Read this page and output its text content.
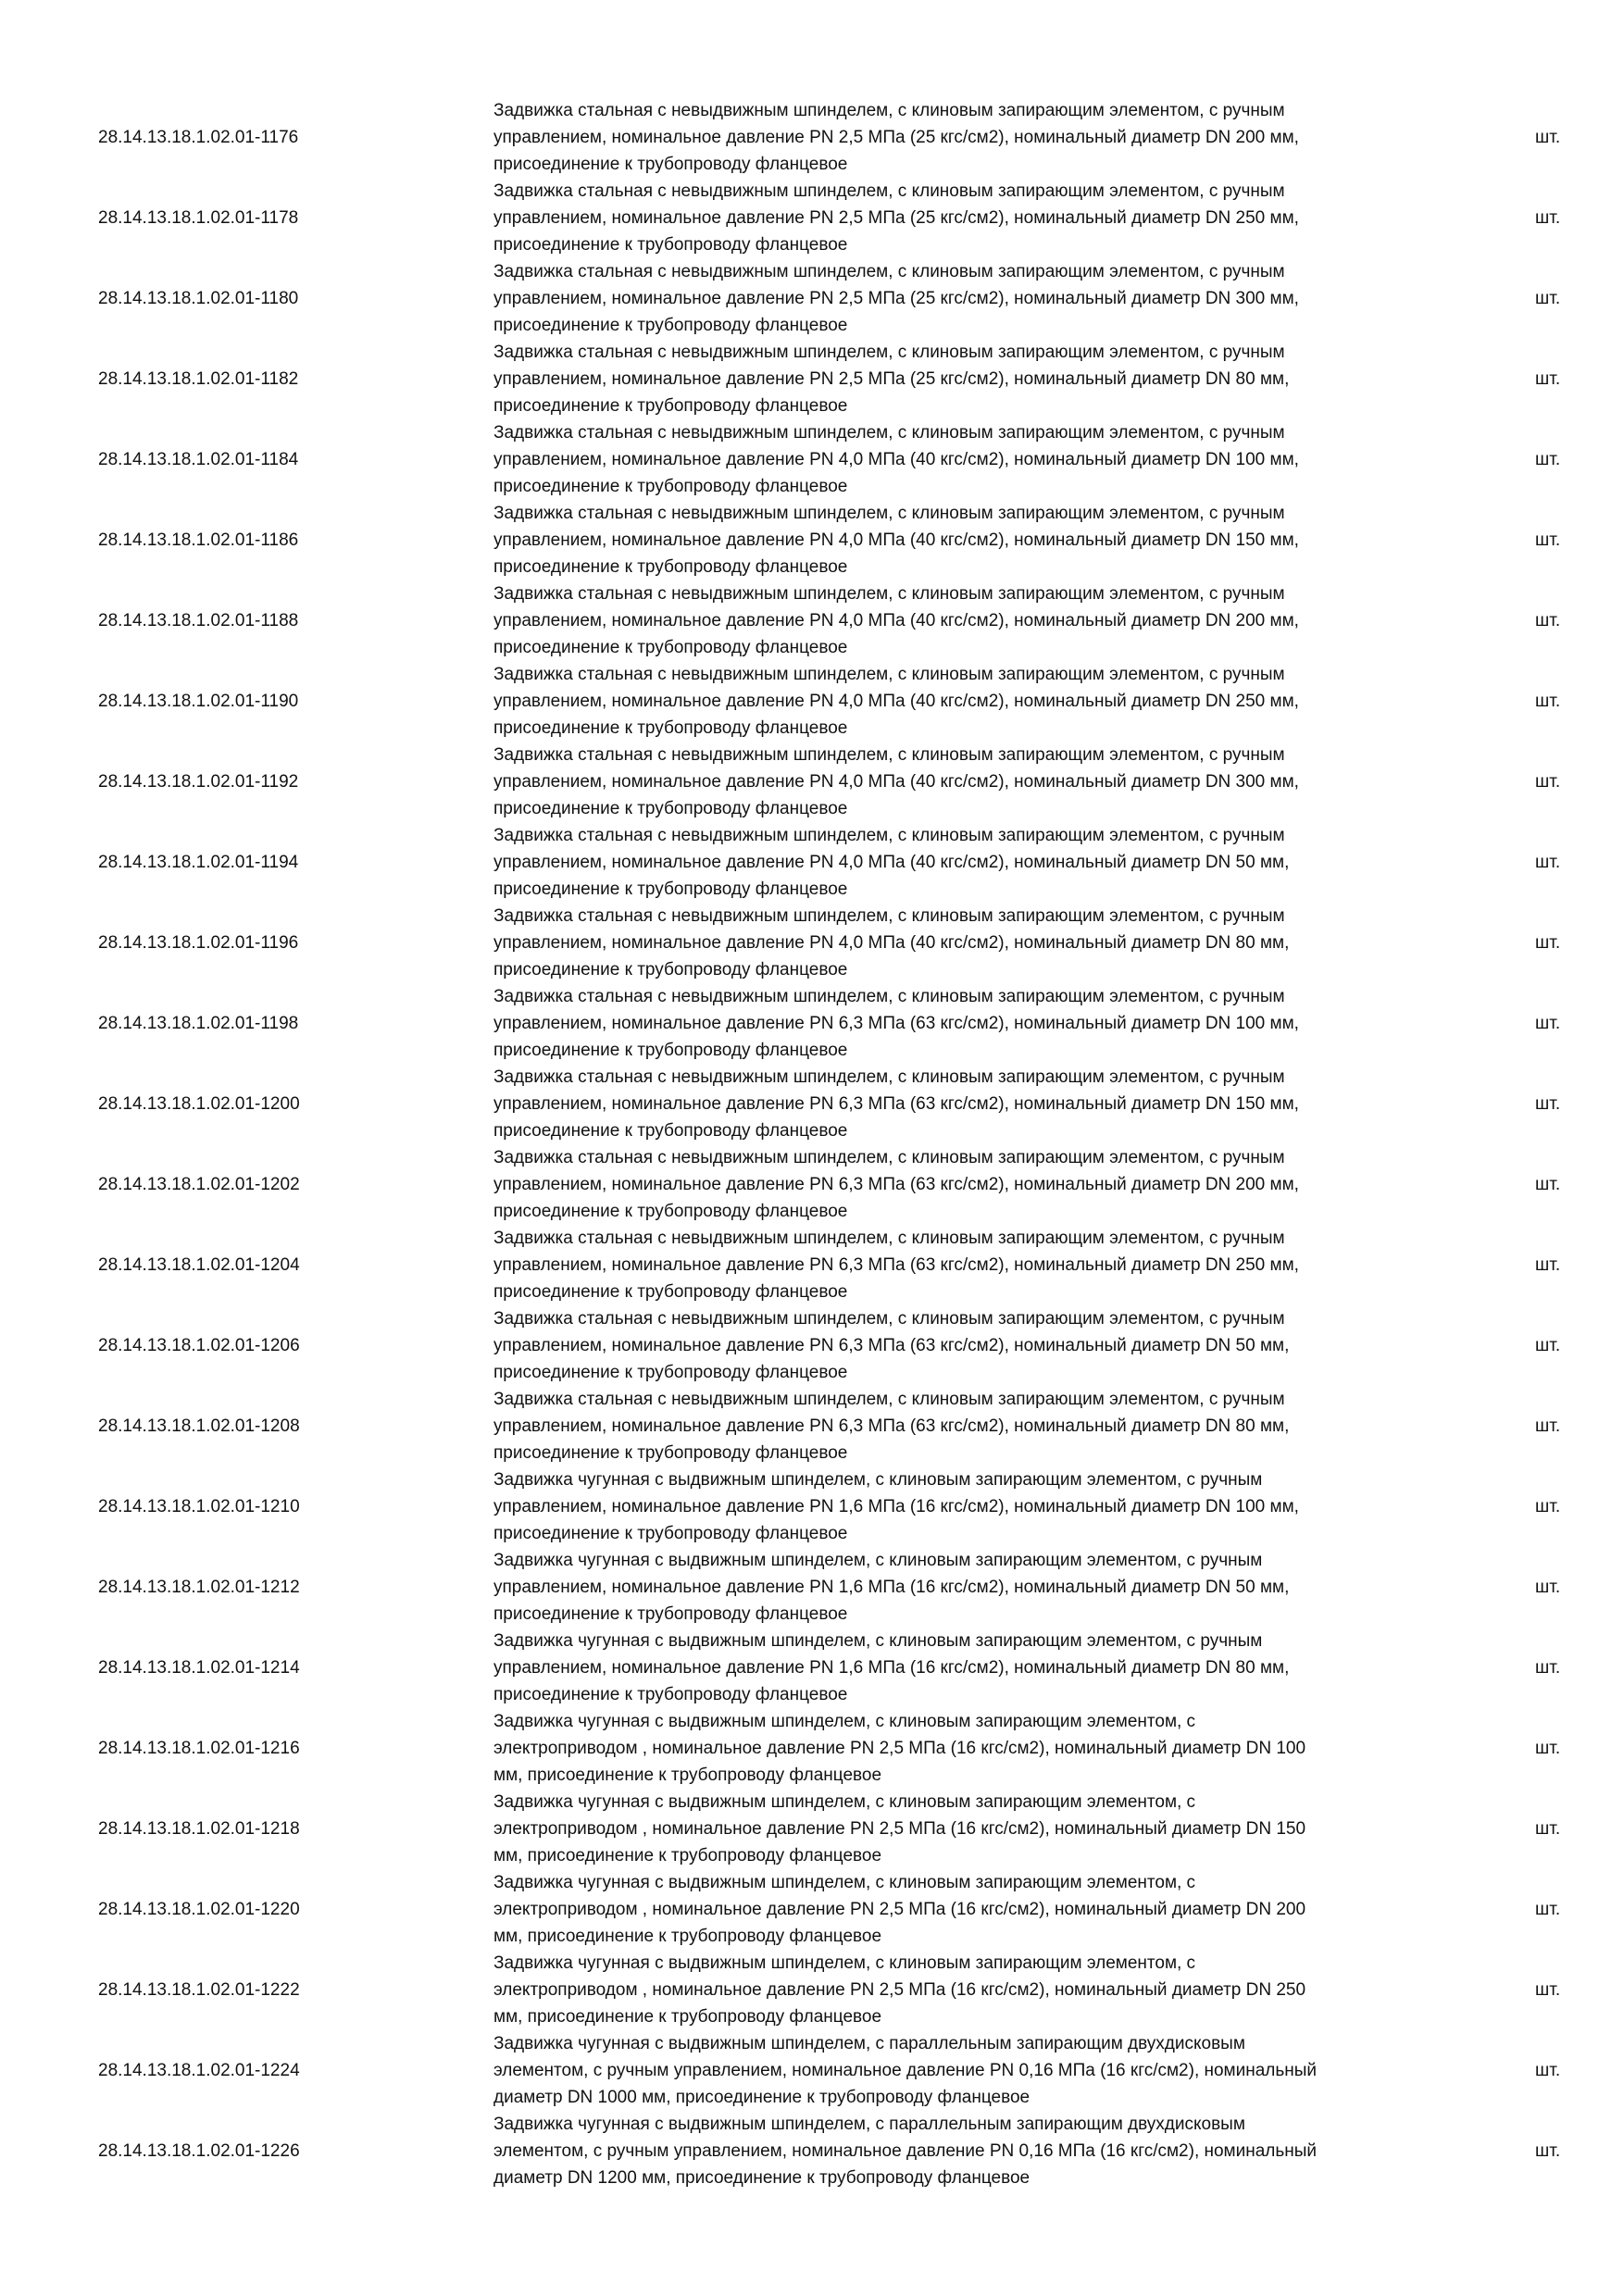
28.14.13.18.1.02.01-1176
Задвижка стальная с невыдвижным шпинделем, с клиновым запирающим элементом, с ручным
управлением, номинальное давление PN 2,5 МПа (25 кгс/см2), номинальный диаметр DN 200 мм,
присоединение к трубопроводу фланцевое
шт.
28.14.13.18.1.02.01-1178
Задвижка стальная с невыдвижным шпинделем, с клиновым запирающим элементом, с ручным
управлением, номинальное давление PN 2,5 МПа (25 кгс/см2), номинальный диаметр DN 250 мм,
присоединение к трубопроводу фланцевое
шт.
28.14.13.18.1.02.01-1180
Задвижка стальная с невыдвижным шпинделем, с клиновым запирающим элементом, с ручным
управлением, номинальное давление PN 2,5 МПа (25 кгс/см2), номинальный диаметр DN 300 мм,
присоединение к трубопроводу фланцевое
шт.
28.14.13.18.1.02.01-1182
Задвижка стальная с невыдвижным шпинделем, с клиновым запирающим элементом, с ручным
управлением, номинальное давление PN 2,5 МПа (25 кгс/см2), номинальный диаметр DN 80 мм,
присоединение к трубопроводу фланцевое
шт.
28.14.13.18.1.02.01-1184
Задвижка стальная с невыдвижным шпинделем, с клиновым запирающим элементом, с ручным
управлением, номинальное давление PN 4,0 МПа (40 кгс/см2), номинальный диаметр DN 100 мм,
присоединение к трубопроводу фланцевое
шт.
28.14.13.18.1.02.01-1186
Задвижка стальная с невыдвижным шпинделем, с клиновым запирающим элементом, с ручным
управлением, номинальное давление PN 4,0 МПа (40 кгс/см2), номинальный диаметр DN 150 мм,
присоединение к трубопроводу фланцевое
шт.
28.14.13.18.1.02.01-1188
Задвижка стальная с невыдвижным шпинделем, с клиновым запирающим элементом, с ручным
управлением, номинальное давление PN 4,0 МПа (40 кгс/см2), номинальный диаметр DN 200 мм,
присоединение к трубопроводу фланцевое
шт.
28.14.13.18.1.02.01-1190
Задвижка стальная с невыдвижным шпинделем, с клиновым запирающим элементом, с ручным
управлением, номинальное давление PN 4,0 МПа (40 кгс/см2), номинальный диаметр DN 250 мм,
присоединение к трубопроводу фланцевое
шт.
28.14.13.18.1.02.01-1192
Задвижка стальная с невыдвижным шпинделем, с клиновым запирающим элементом, с ручным
управлением, номинальное давление PN 4,0 МПа (40 кгс/см2), номинальный диаметр DN 300 мм,
присоединение к трубопроводу фланцевое
шт.
28.14.13.18.1.02.01-1194
Задвижка стальная с невыдвижным шпинделем, с клиновым запирающим элементом, с ручным
управлением, номинальное давление PN 4,0 МПа (40 кгс/см2), номинальный диаметр DN 50 мм,
присоединение к трубопроводу фланцевое
шт.
28.14.13.18.1.02.01-1196
Задвижка стальная с невыдвижным шпинделем, с клиновым запирающим элементом, с ручным
управлением, номинальное давление PN 4,0 МПа (40 кгс/см2), номинальный диаметр DN 80 мм,
присоединение к трубопроводу фланцевое
шт.
28.14.13.18.1.02.01-1198
Задвижка стальная с невыдвижным шпинделем, с клиновым запирающим элементом, с ручным
управлением, номинальное давление PN 6,3 МПа (63 кгс/см2), номинальный диаметр DN 100 мм,
присоединение к трубопроводу фланцевое
шт.
28.14.13.18.1.02.01-1200
Задвижка стальная с невыдвижным шпинделем, с клиновым запирающим элементом, с ручным
управлением, номинальное давление PN 6,3 МПа (63 кгс/см2), номинальный диаметр DN 150 мм,
присоединение к трубопроводу фланцевое
шт.
28.14.13.18.1.02.01-1202
Задвижка стальная с невыдвижным шпинделем, с клиновым запирающим элементом, с ручным
управлением, номинальное давление PN 6,3 МПа (63 кгс/см2), номинальный диаметр DN 200 мм,
присоединение к трубопроводу фланцевое
шт.
28.14.13.18.1.02.01-1204
Задвижка стальная с невыдвижным шпинделем, с клиновым запирающим элементом, с ручным
управлением, номинальное давление PN 6,3 МПа (63 кгс/см2), номинальный диаметр DN 250 мм,
присоединение к трубопроводу фланцевое
шт.
28.14.13.18.1.02.01-1206
Задвижка стальная с невыдвижным шпинделем, с клиновым запирающим элементом, с ручным
управлением, номинальное давление PN 6,3 МПа (63 кгс/см2), номинальный диаметр DN 50 мм,
присоединение к трубопроводу фланцевое
шт.
28.14.13.18.1.02.01-1208
Задвижка стальная с невыдвижным шпинделем, с клиновым запирающим элементом, с ручным
управлением, номинальное давление PN 6,3 МПа (63 кгс/см2), номинальный диаметр DN 80 мм,
присоединение к трубопроводу фланцевое
шт.
28.14.13.18.1.02.01-1210
Задвижка чугунная с выдвижным шпинделем, с клиновым запирающим элементом, с ручным
управлением, номинальное давление PN 1,6 МПа (16 кгс/см2), номинальный диаметр DN 100 мм,
присоединение к трубопроводу фланцевое
шт.
28.14.13.18.1.02.01-1212
Задвижка чугунная с выдвижным шпинделем, с клиновым запирающим элементом, с ручным
управлением, номинальное давление PN 1,6 МПа (16 кгс/см2), номинальный диаметр DN 50 мм,
присоединение к трубопроводу фланцевое
шт.
28.14.13.18.1.02.01-1214
Задвижка чугунная с выдвижным шпинделем, с клиновым запирающим элементом, с ручным
управлением, номинальное давление PN 1,6 МПа (16 кгс/см2), номинальный диаметр DN 80 мм,
присоединение к трубопроводу фланцевое
шт.
28.14.13.18.1.02.01-1216
Задвижка чугунная с выдвижным шпинделем, с клиновым запирающим элементом, с
электроприводом , номинальное давление PN 2,5 МПа (16 кгс/см2), номинальный диаметр DN 100
мм, присоединение к трубопроводу фланцевое
шт.
28.14.13.18.1.02.01-1218
Задвижка чугунная с выдвижным шпинделем, с клиновым запирающим элементом, с
электроприводом , номинальное давление PN 2,5 МПа (16 кгс/см2), номинальный диаметр DN 150
мм, присоединение к трубопроводу фланцевое
шт.
28.14.13.18.1.02.01-1220
Задвижка чугунная с выдвижным шпинделем, с клиновым запирающим элементом, с
электроприводом , номинальное давление PN 2,5 МПа (16 кгс/см2), номинальный диаметр DN 200
мм, присоединение к трубопроводу фланцевое
шт.
28.14.13.18.1.02.01-1222
Задвижка чугунная с выдвижным шпинделем, с клиновым запирающим элементом, с
электроприводом , номинальное давление PN 2,5 МПа (16 кгс/см2), номинальный диаметр DN 250
мм, присоединение к трубопроводу фланцевое
шт.
28.14.13.18.1.02.01-1224
Задвижка чугунная с выдвижным шпинделем, с параллельным запирающим двухдисковым
элементом, с ручным управлением, номинальное давление PN 0,16 МПа (16 кгс/см2), номинальный
диаметр DN 1000 мм, присоединение к трубопроводу фланцевое
шт.
28.14.13.18.1.02.01-1226
Задвижка чугунная с выдвижным шпинделем, с параллельным запирающим двухдисковым
элементом, с ручным управлением, номинальное давление PN 0,16 МПа (16 кгс/см2), номинальный
диаметр DN 1200 мм, присоединение к трубопроводу фланцевое
шт.
